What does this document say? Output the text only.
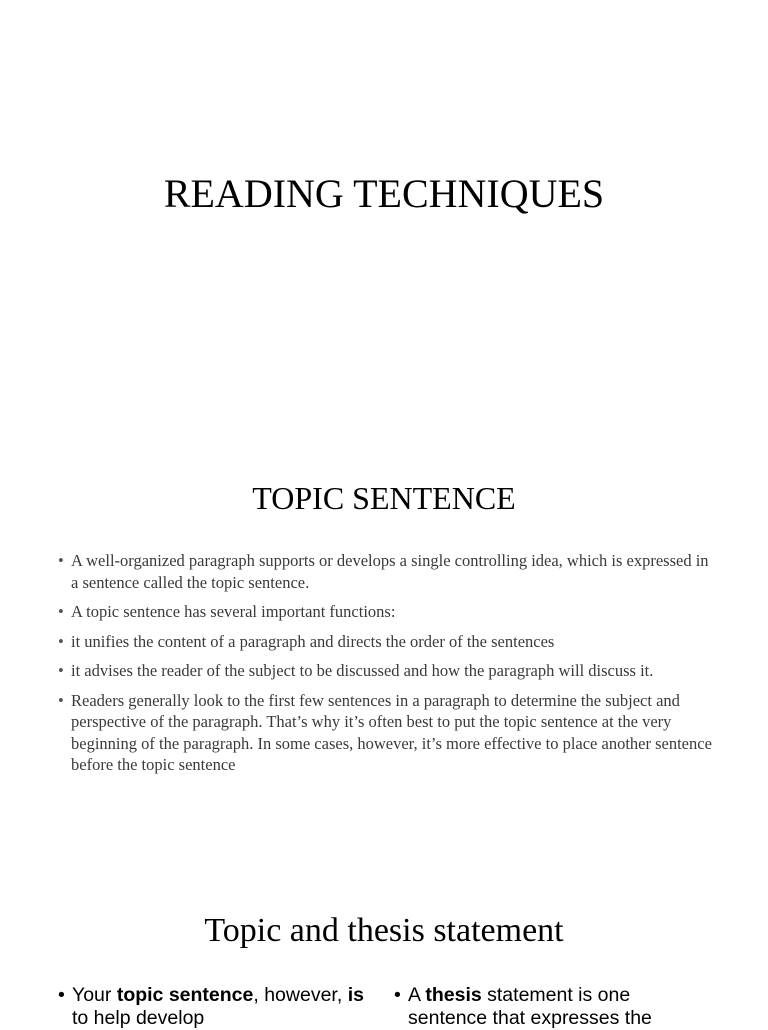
READING TECHNIQUES
TOPIC SENTENCE
• A well-organized paragraph supports or develops a single controlling idea, which is expressed in a sentence called the topic sentence.
• A topic sentence has several important functions:
• it unifies the content of a paragraph and directs the order of the sentences
• it advises the reader of the subject to be discussed and how the paragraph will discuss it.
• Readers generally look to the first few sentences in a paragraph to determine the subject and perspective of the paragraph. That’s why it’s often best to put the topic sentence at the very beginning of the paragraph. In some cases, however, it’s more effective to place another sentence before the topic sentence
Topic and thesis statement
• Your topic sentence, however, is to help develop
• A thesis statement is one sentence that expresses the
